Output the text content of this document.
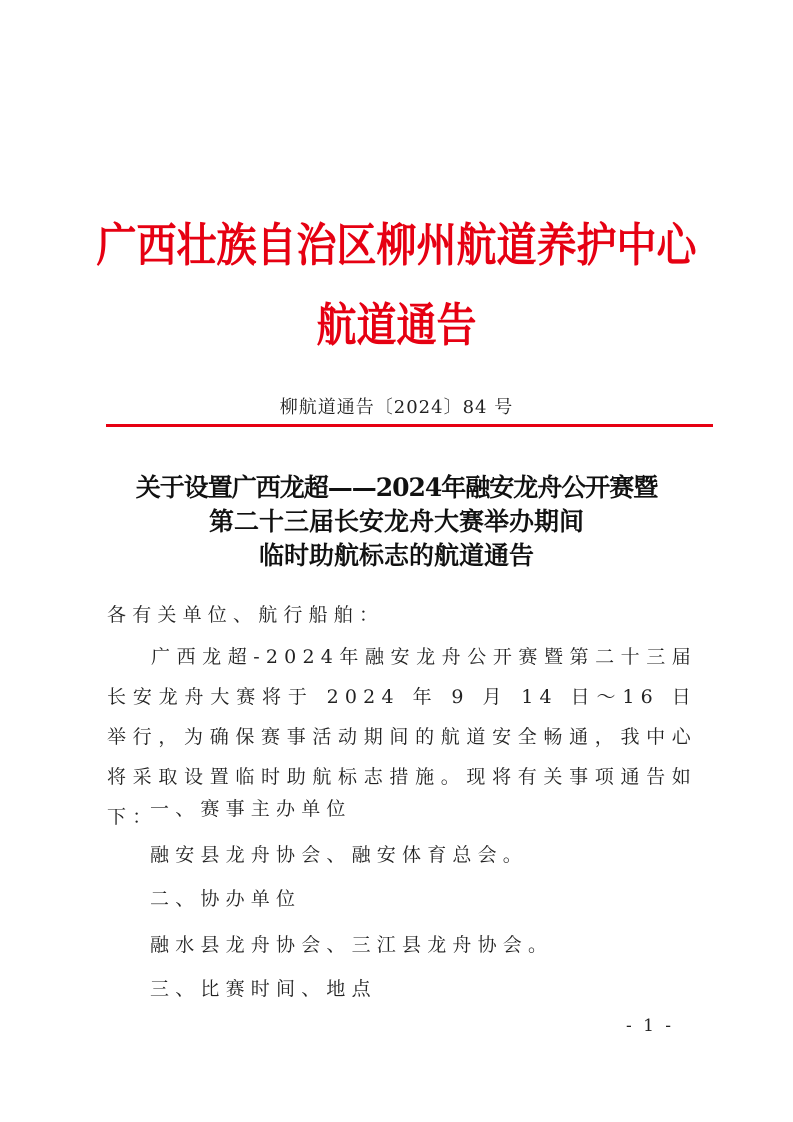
广西壮族自治区柳州航道养护中心
航道通告
柳航道通告〔2024〕84 号
关于设置广西龙超——2024年融安龙舟公开赛暨
第二十三届长安龙舟大赛举办期间
临时助航标志的航道通告
各有关单位、航行船舶：
广西龙超-2024年融安龙舟公开赛暨第二十三届长安龙舟大赛将于 2024 年 9 月 14 日～16 日举行，为确保赛事活动期间的航道安全畅通，我中心将采取设置临时助航标志措施。现将有关事项通告如下：
一、赛事主办单位
融安县龙舟协会、融安体育总会。
二、协办单位
融水县龙舟协会、三江县龙舟协会。
三、比赛时间、地点
- 1 -
